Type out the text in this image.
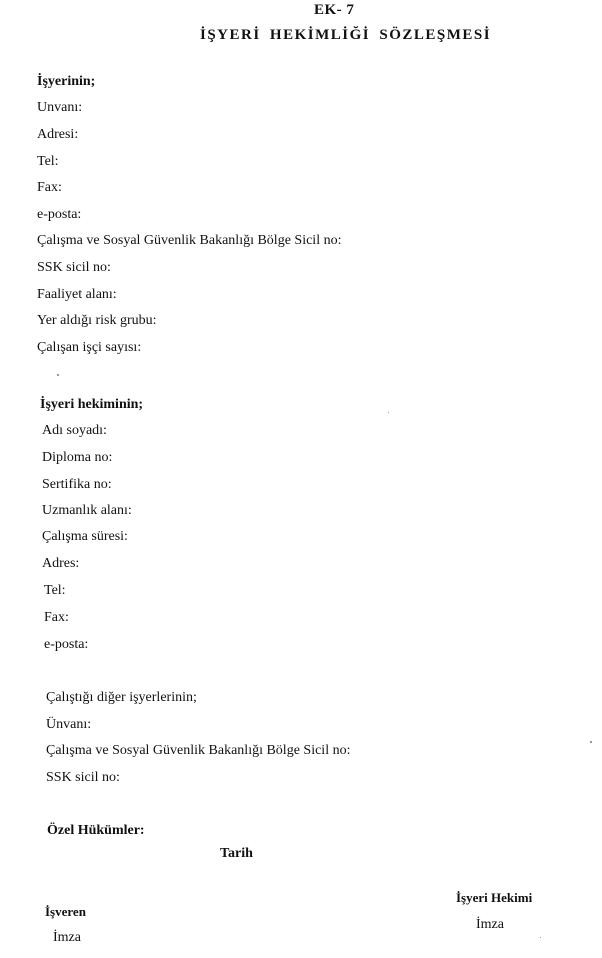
EK- 7
İŞYERİ HEKİMLİĞİ SÖZLEŞMESİ
İşyerinin;
Unvanı:
Adresi:
Tel:
Fax:
e-posta:
Çalışma ve Sosyal Güvenlik Bakanlığı Bölge Sicil no:
SSK sicil no:
Faaliyet alanı:
Yer aldığı risk grubu:
Çalışan işçi sayısı:
İşyeri hekiminin;
Adı soyadı:
Diploma no:
Sertifika no:
Uzmanlık alanı:
Çalışma süresi:
Adres:
Tel:
Fax:
e-posta:
Çalıştığı diğer işyerlerinin;
Ünvanı:
Çalışma ve Sosyal Güvenlik Bakanlığı Bölge Sicil no:
SSK sicil no:
Özel Hükümler:
Tarih
İşveren
İmza
İşyeri Hekimi
İmza
